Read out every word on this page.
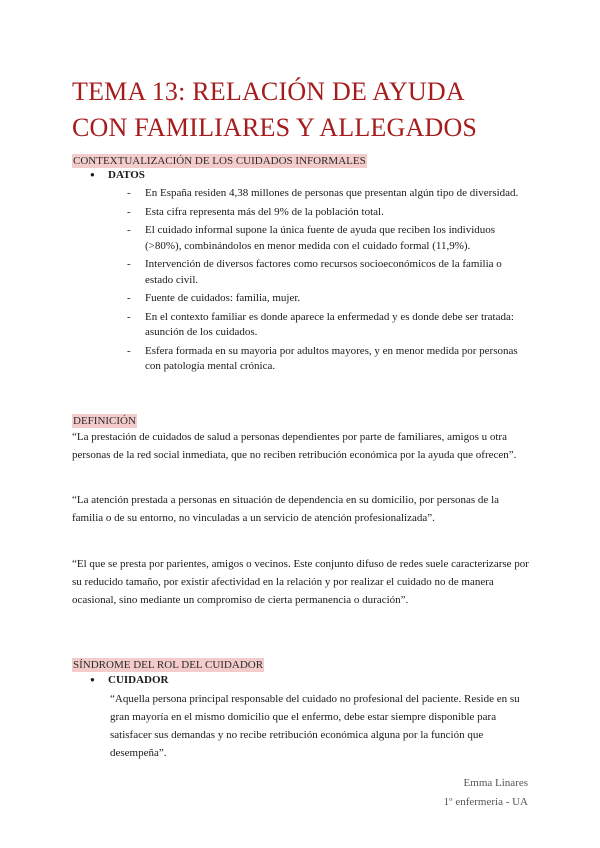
TEMA 13: RELACIÓN DE AYUDA
CON FAMILIARES Y ALLEGADOS
CONTEXTUALIZACIÓN DE LOS CUIDADOS INFORMALES
● DATOS
- En España residen 4,38 millones de personas que presentan algún tipo de diversidad.
- Esta cifra representa más del 9% de la población total.
- El cuidado informal supone la única fuente de ayuda que reciben los individuos (>80%), combinándolos en menor medida con el cuidado formal (11,9%).
- Intervención de diversos factores como recursos socioeconómicos de la familia o estado civil.
- Fuente de cuidados: familia, mujer.
- En el contexto familiar es donde aparece la enfermedad y es donde debe ser tratada: asunción de los cuidados.
- Esfera formada en su mayoria por adultos mayores, y en menor medida por personas con patología mental crónica.
DEFINICIÓN

“La prestación de cuidados de salud a personas dependientes por parte de familiares, amigos u otra personas de la red social inmediata, que no reciben retribución económica por la ayuda que ofrecen”.

“La atención prestada a personas en situación de dependencia en su domicilio, por personas de la familia o de su entorno, no vinculadas a un servicio de atención profesionalizada”.

“El que se presta por parientes, amigos o vecinos. Este conjunto difuso de redes suele caracterizarse por su reducido tamaño, por existir afectividad en la relación y por realizar el cuidado no de manera ocasional, sino mediante un compromiso de cierta permanencia o duración”.

SÍNDROME DEL ROL DEL CUIDADOR
● CUIDADOR

“Aquella persona principal responsable del cuidado no profesional del paciente. Reside en su gran mayoría en el mismo domicilio que el enfermo, debe estar siempre disponible para satisfacer sus demandas y no recibe retribución económica alguna por la función que desempeña”.

Emma Linares
1º enfermeria - UA
